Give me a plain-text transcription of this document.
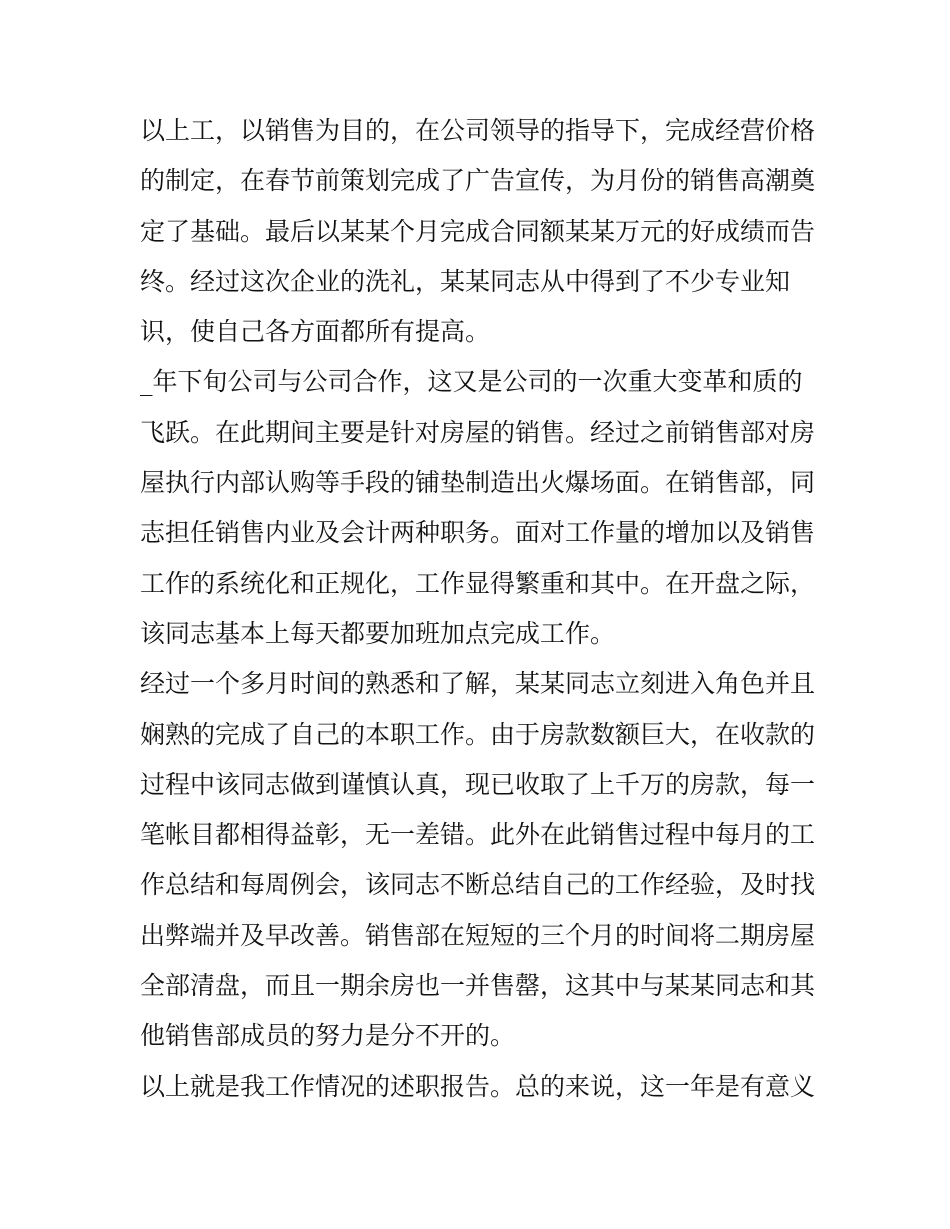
以上工，以销售为目的，在公司领导的指导下，完成经营价格
的制定，在春节前策划完成了广告宣传，为月份的销售高潮奠
定了基础。最后以某某个月完成合同额某某万元的好成绩而告
终。经过这次企业的洗礼，某某同志从中得到了不少专业知
识，使自己各方面都所有提高。
_年下旬公司与公司合作，这又是公司的一次重大变革和质的
飞跃。在此期间主要是针对房屋的销售。经过之前销售部对房
屋执行内部认购等手段的铺垫制造出火爆场面。在销售部，同
志担任销售内业及会计两种职务。面对工作量的增加以及销售
工作的系统化和正规化，工作显得繁重和其中。在开盘之际，
该同志基本上每天都要加班加点完成工作。
经过一个多月时间的熟悉和了解，某某同志立刻进入角色并且
娴熟的完成了自己的本职工作。由于房款数额巨大，在收款的
过程中该同志做到谨慎认真，现已收取了上千万的房款，每一
笔帐目都相得益彰，无一差错。此外在此销售过程中每月的工
作总结和每周例会，该同志不断总结自己的工作经验，及时找
出弊端并及早改善。销售部在短短的三个月的时间将二期房屋
全部清盘，而且一期余房也一并售罄，这其中与某某同志和其
他销售部成员的努力是分不开的。
以上就是我工作情况的述职报告。总的来说，这一年是有意义
